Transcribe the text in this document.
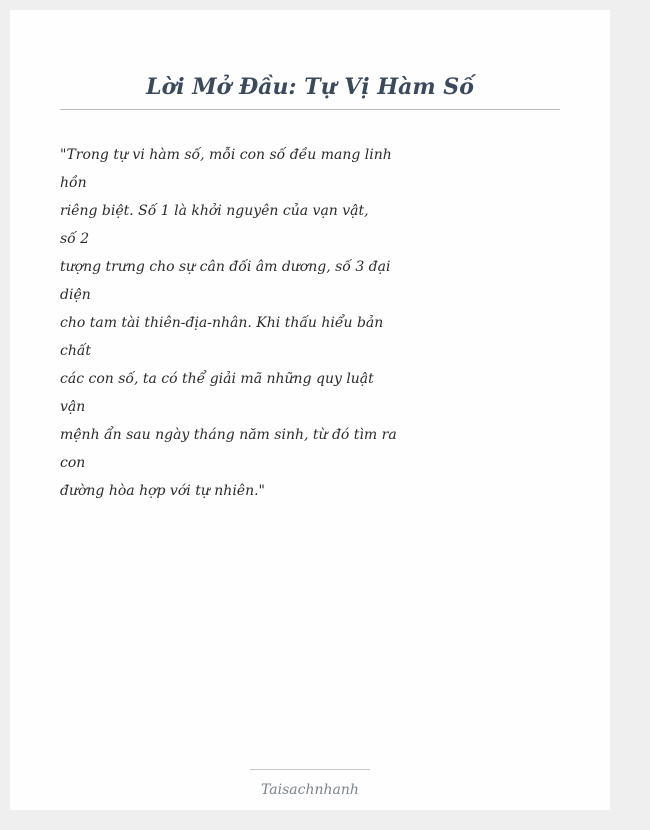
Lời Mở Đầu: Tự Vị Hàm Số
"Trong tự vi hàm số, mỗi con số đều mang linh
hồn
riêng biệt. Số 1 là khởi nguyên của vạn vật,
số 2
tượng trưng cho sự cân đối âm dương, số 3 đại
diện
cho tam tài thiên-địa-nhân. Khi thấu hiểu bản
chất
các con số, ta có thể giải mã những quy luật
vận
mệnh ẩn sau ngày tháng năm sinh, từ đó tìm ra
con
đường hòa hợp với tự nhiên."

Taisachnhanh
